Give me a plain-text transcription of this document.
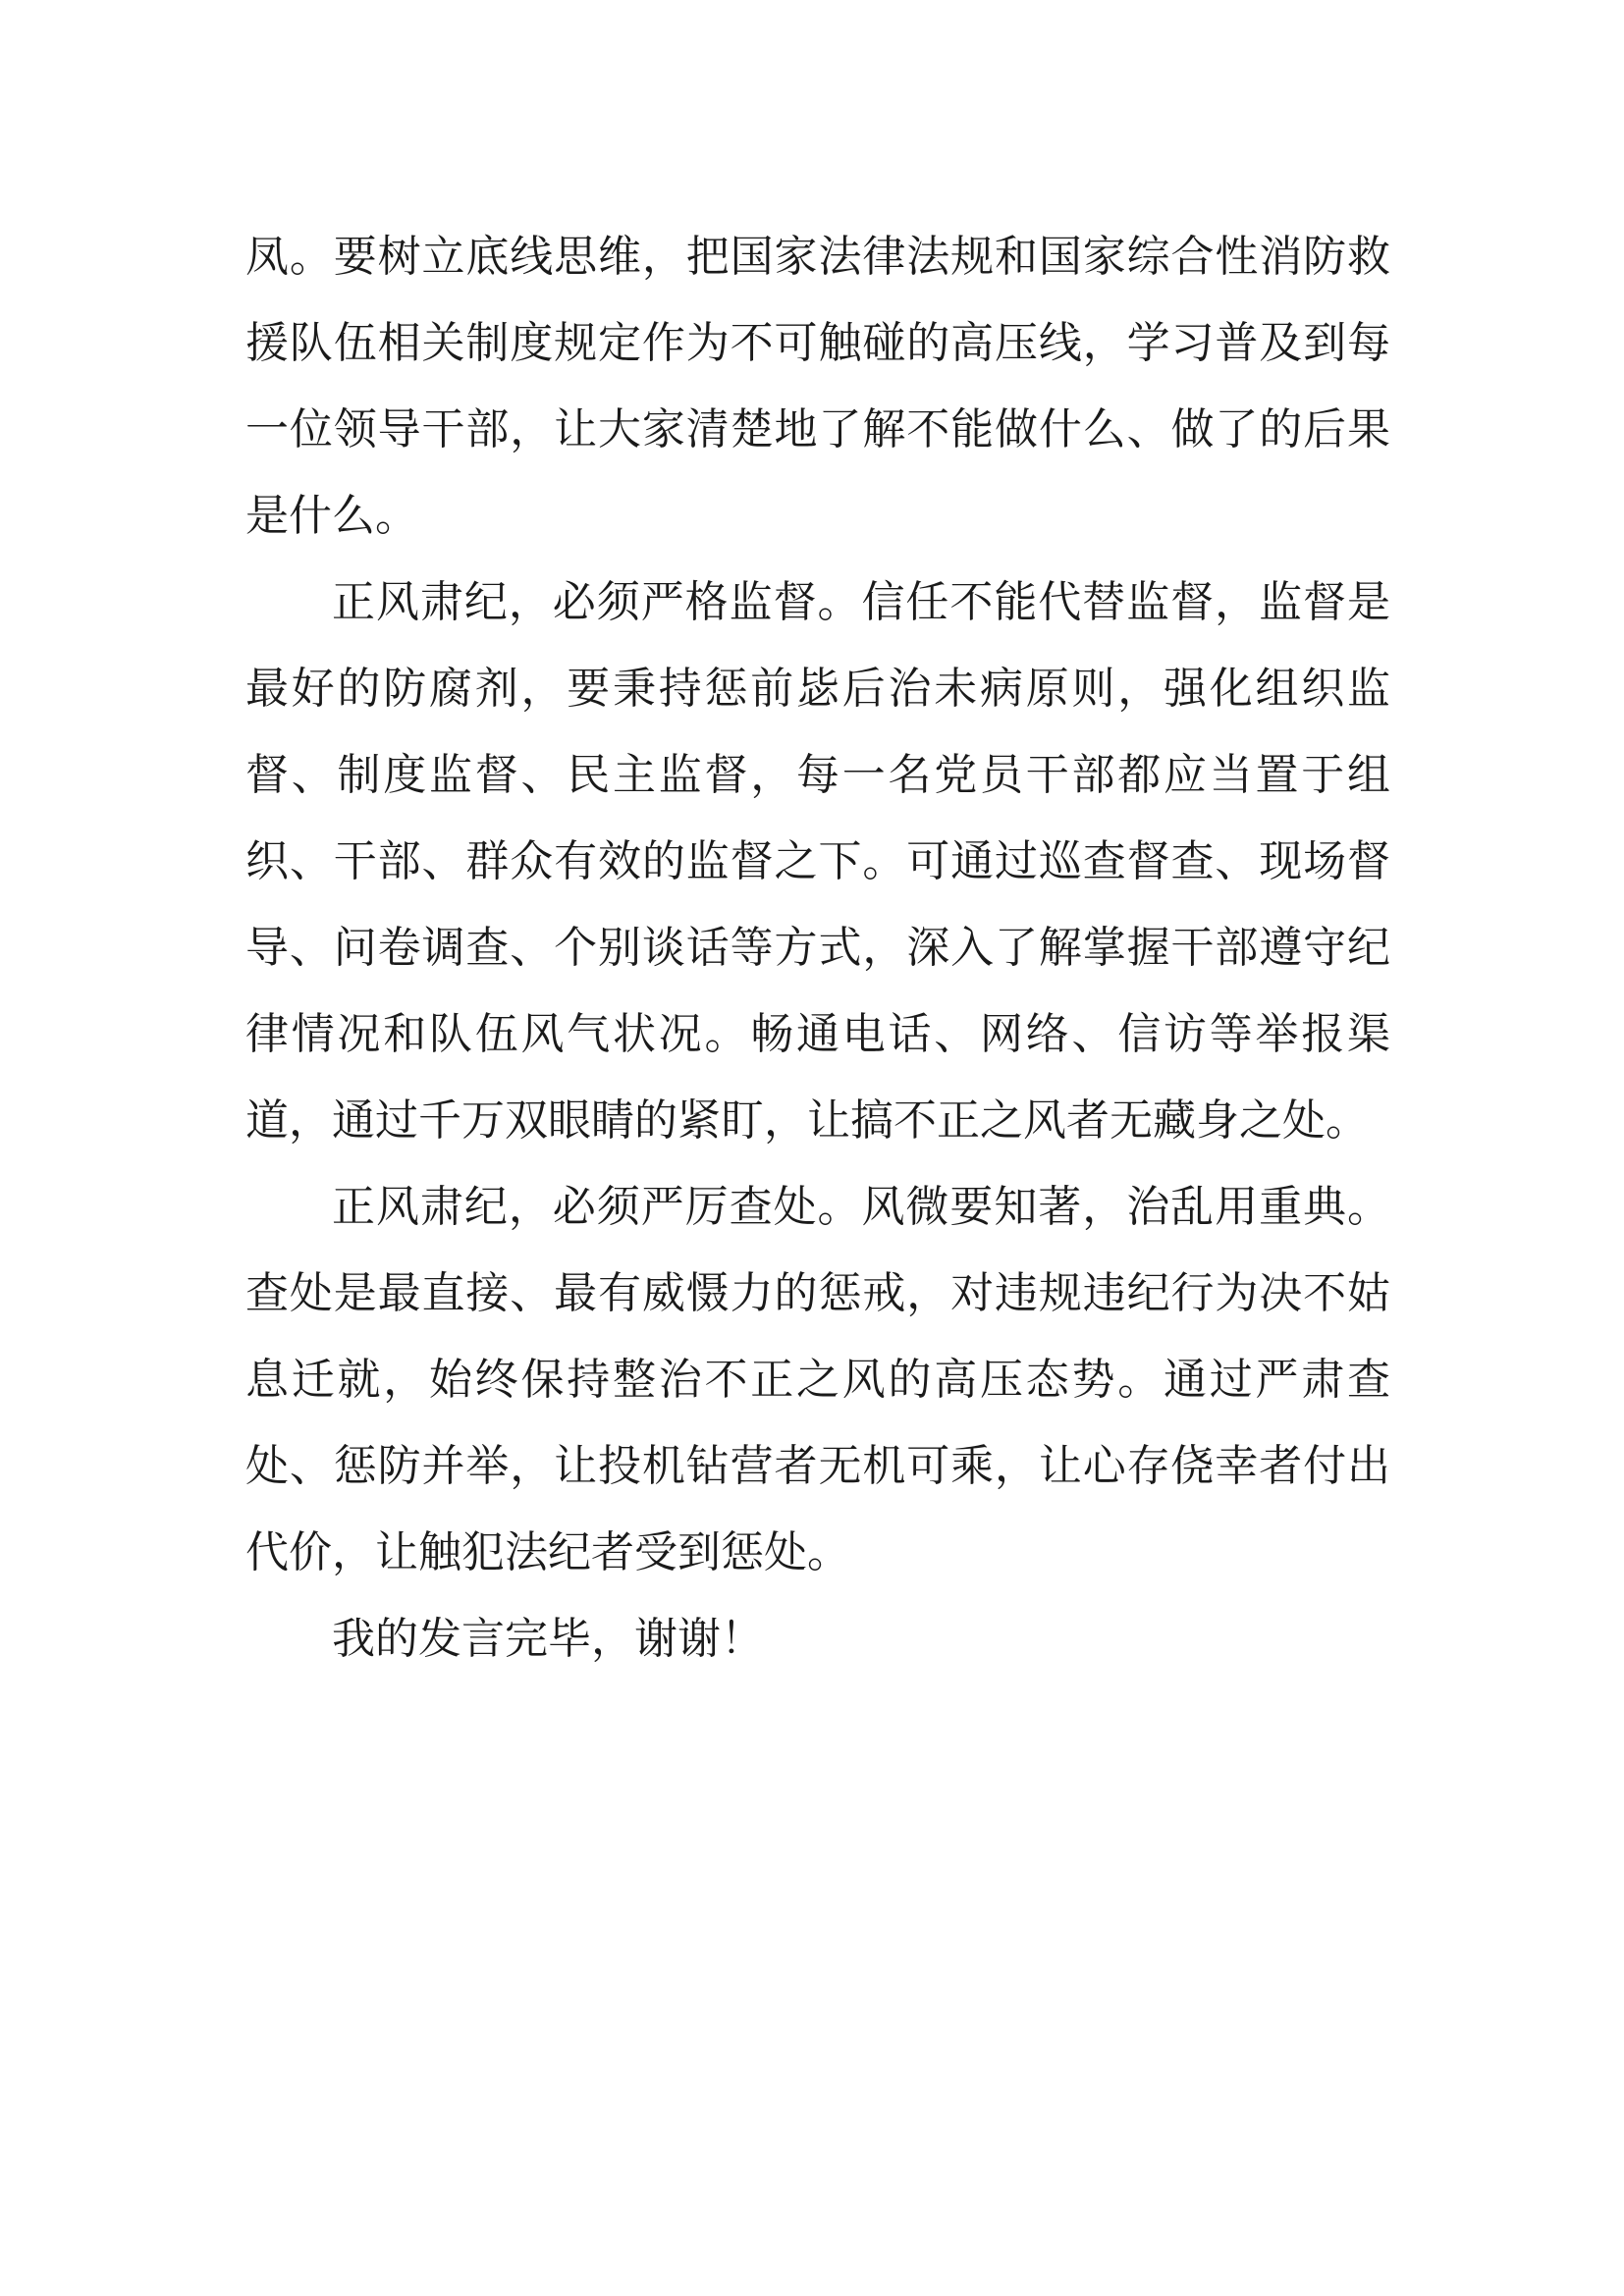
凤。要树立底线思维，把国家法律法规和国家综合性消防救援队伍相关制度规定作为不可触碰的高压线，学习普及到每一位领导干部，让大家清楚地了解不能做什么、做了的后果是什么。

正风肃纪，必须严格监督。信任不能代替监督，监督是最好的防腐剂，要秉持惩前毖后治未病原则，强化组织监督、制度监督、民主监督，每一名党员干部都应当置于组织、干部、群众有效的监督之下。可通过巡查督查、现场督导、问卷调查、个别谈话等方式，深入了解掌握干部遵守纪律情况和队伍风气状况。畅通电话、网络、信访等举报渠道，通过千万双眼睛的紧盯，让搞不正之风者无藏身之处。

正风肃纪，必须严厉查处。风微要知著，治乱用重典。查处是最直接、最有威慑力的惩戒，对违规违纪行为决不姑息迁就，始终保持整治不正之风的高压态势。通过严肃查处、惩防并举，让投机钻营者无机可乘，让心存侥幸者付出代价，让触犯法纪者受到惩处。

我的发言完毕，谢谢！
